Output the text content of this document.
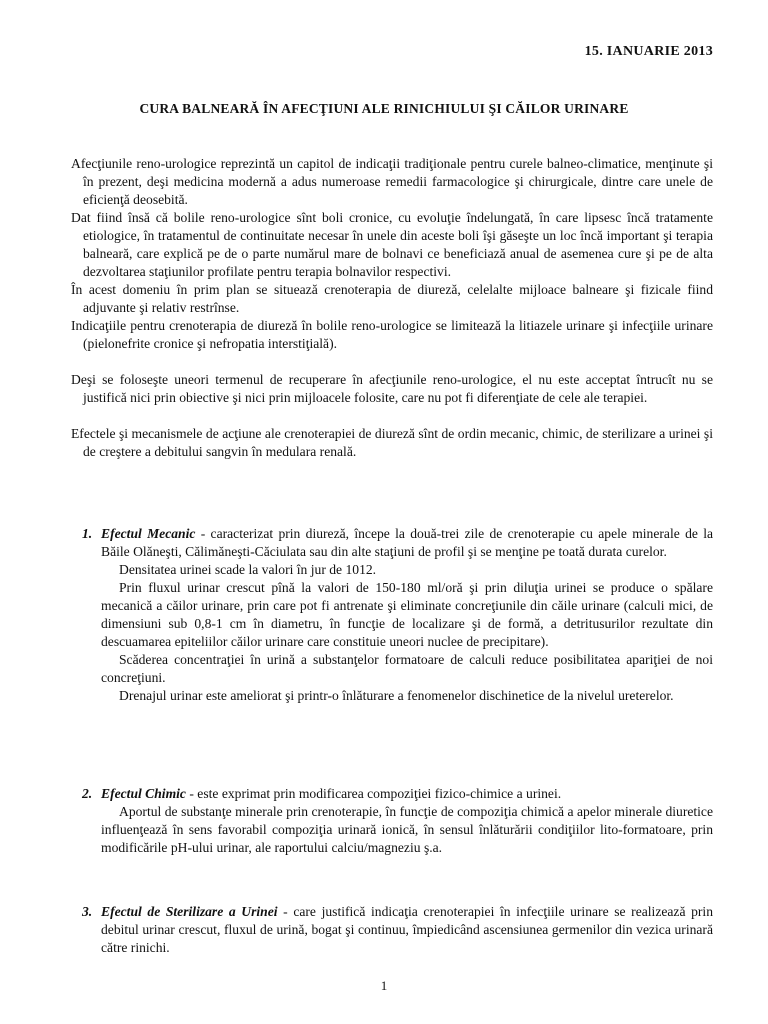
15. IANUARIE 2013
CURA BALNEARĂ ÎN AFECŢIUNI ALE RINICHIULUI ŞI CĂILOR URINARE

Afecţiunile reno-urologice reprezintă un capitol de indicaţii tradiţionale pentru curele balneo-climatice, menţinute şi în prezent, deşi medicina modernă a adus numeroase remedii farmacologice şi chirurgicale, dintre care unele de eficienţă deosebită.

Dat fiind însă că bolile reno-urologice sînt boli cronice, cu evoluţie îndelungată, în care lipsesc încă tratamente etiologice, în tratamentul de continuitate necesar în unele din aceste boli îşi găseşte un loc încă important şi terapia balneară, care explică pe de o parte numărul mare de bolnavi ce beneficiază anual de asemenea cure şi pe de alta dezvoltarea staţiunilor profilate pentru terapia bolnavilor respectivi.

În acest domeniu în prim plan se situează crenoterapia de diureză, celelalte mijloace balneare şi fizicale fiind adjuvante şi relativ restrînse.

Indicaţiile pentru crenoterapia de diureză în bolile reno-urologice se limitează la litiazele urinare şi infecţiile urinare (pielonefrite cronice şi nefropatia interstiţială).

Deşi se foloseşte uneori termenul de recuperare în afecţiunile reno-urologice, el nu este acceptat întrucît nu se justifică nici prin obiective şi nici prin mijloacele folosite, care nu pot fi diferenţiate de cele ale terapiei.

Efectele şi mecanismele de acţiune ale crenoterapiei de diureză sînt de ordin mecanic, chimic, de sterilizare a urinei şi de creştere a debitului sangvin în medulara renală.

1. Efectul Mecanic - caracterizat prin diureză, începe la două-trei zile de crenoterapie cu apele minerale de la Băile Olăneşti, Călimăneşti-Căciulata sau din alte staţiuni de profil şi se menţine pe toată durata curelor.

Densitatea urinei scade la valori în jur de 1012.

Prin fluxul urinar crescut pînă la valori de 150-180 ml/oră şi prin diluţia urinei se produce o spălare mecanică a căilor urinare, prin care pot fi antrenate şi eliminate concreţiunile din căile urinare (calculi mici, de dimensiuni sub 0,8-1 cm în diametru, în funcţie de localizare şi de formă, a detritusurilor rezultate din descuamarea epiteliilor căilor urinare care constituie uneori nuclee de precipitare).

Scăderea concentraţiei în urină a substanţelor formatoare de calculi reduce posibilitatea apariţiei de noi concreţiuni.

Drenajul urinar este ameliorat şi printr-o înlăturare a fenomenelor dischinetice de la nivelul ureterelor.

2. Efectul Chimic - este exprimat prin modificarea compoziţiei fizico-chimice a urinei.

Aportul de substanţe minerale prin crenoterapie, în funcţie de compoziţia chimică a apelor minerale diuretice influenţează în sens favorabil compoziţia urinară ionică, în sensul înlăturării condiţiilor lito-formatoare, prin modificările pH-ului urinar, ale raportului calciu/magneziu ş.a.

3. Efectul de Sterilizare a Urinei - care justifică indicaţia crenoterapiei în infecţiile urinare se realizează prin debitul urinar crescut, fluxul de urină, bogat şi continuu, împiedicând ascensiunea germenilor din vezica urinară către rinichi.

1
